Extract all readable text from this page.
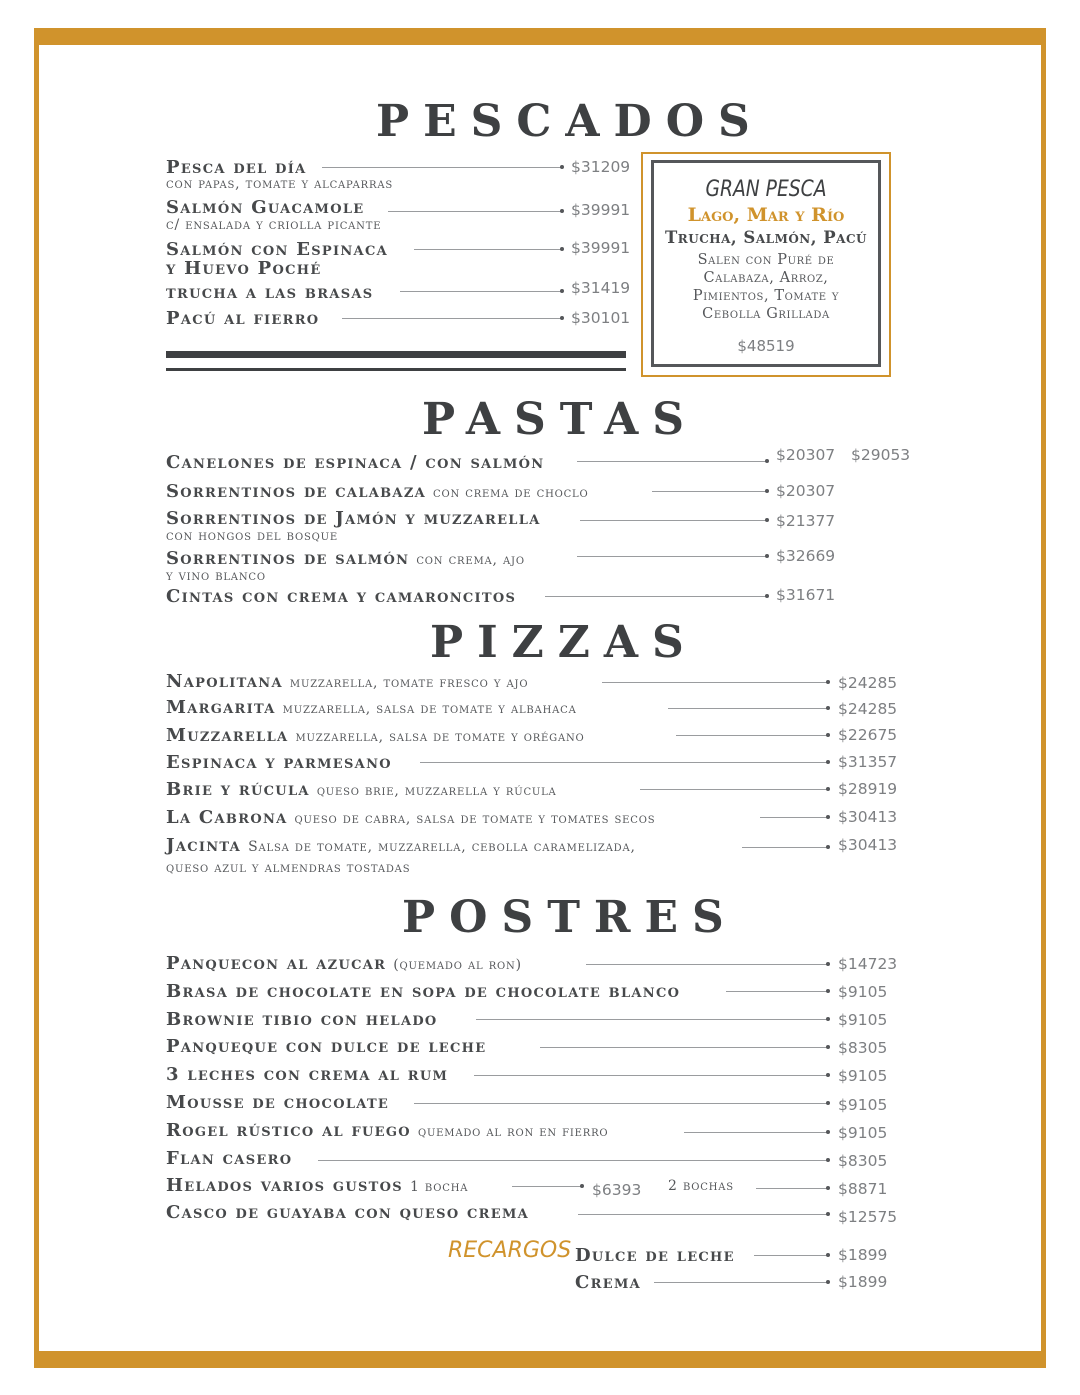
PESCADOS
Pesca del día
con papas, tomate y alcaparras
$31209
Salmón Guacamole
c/ ensalada y criolla picante
$39991
Salmón con Espinaca
y Huevo Poché
$39991
trucha a las brasas	$31419
Pacú al fierro	$30101
GRAN PESCA
Lago, Mar y Río
Trucha, Salmón, Pacú
Salen con Puré de
Calabaza, Arroz,
Pimientos, Tomate y
Cebolla Grillada
$48519
PASTAS
Canelones de espinaca / con salmón	$20307 $29053
Sorrentinos de calabaza con crema de choclo	$20307
Sorrentinos de Jamón y muzzarella
con hongos del bosque
$21377
Sorrentinos de salmón con crema, ajo
y vino blanco
$32669
Cintas con crema y camaroncitos	$31671
PIZZAS
Napolitana muzzarella, tomate fresco y ajo	$24285
Margarita muzzarella, salsa de tomate y albahaca	$24285
Muzzarella muzzarella, salsa de tomate y orégano	$22675
Espinaca y parmesano	$31357
Brie y rúcula queso brie, muzzarella y rúcula	$28919
La Cabrona queso de cabra, salsa de tomate y tomates secos	$30413
Jacinta Salsa de tomate, muzzarella, cebolla caramelizada,
queso azul y almendras tostadas
$30413
POSTRES
Panquecon al azucar (quemado al ron)	$14723
Brasa de chocolate en sopa de chocolate blanco	$9105
Brownie tibio con helado	$9105
Panqueque con dulce de leche	$8305
3 leches con crema al rum	$9105
Mousse de chocolate	$9105
Rogel rústico al fuego quemado al ron en fierro	$9105
Flan casero	$8305
Helados varios gustos 1 bocha	$6393 2 bochas	$8871
Casco de guayaba con queso crema	$12575
RECARGOS Dulce de leche	$1899
Crema	$1899
